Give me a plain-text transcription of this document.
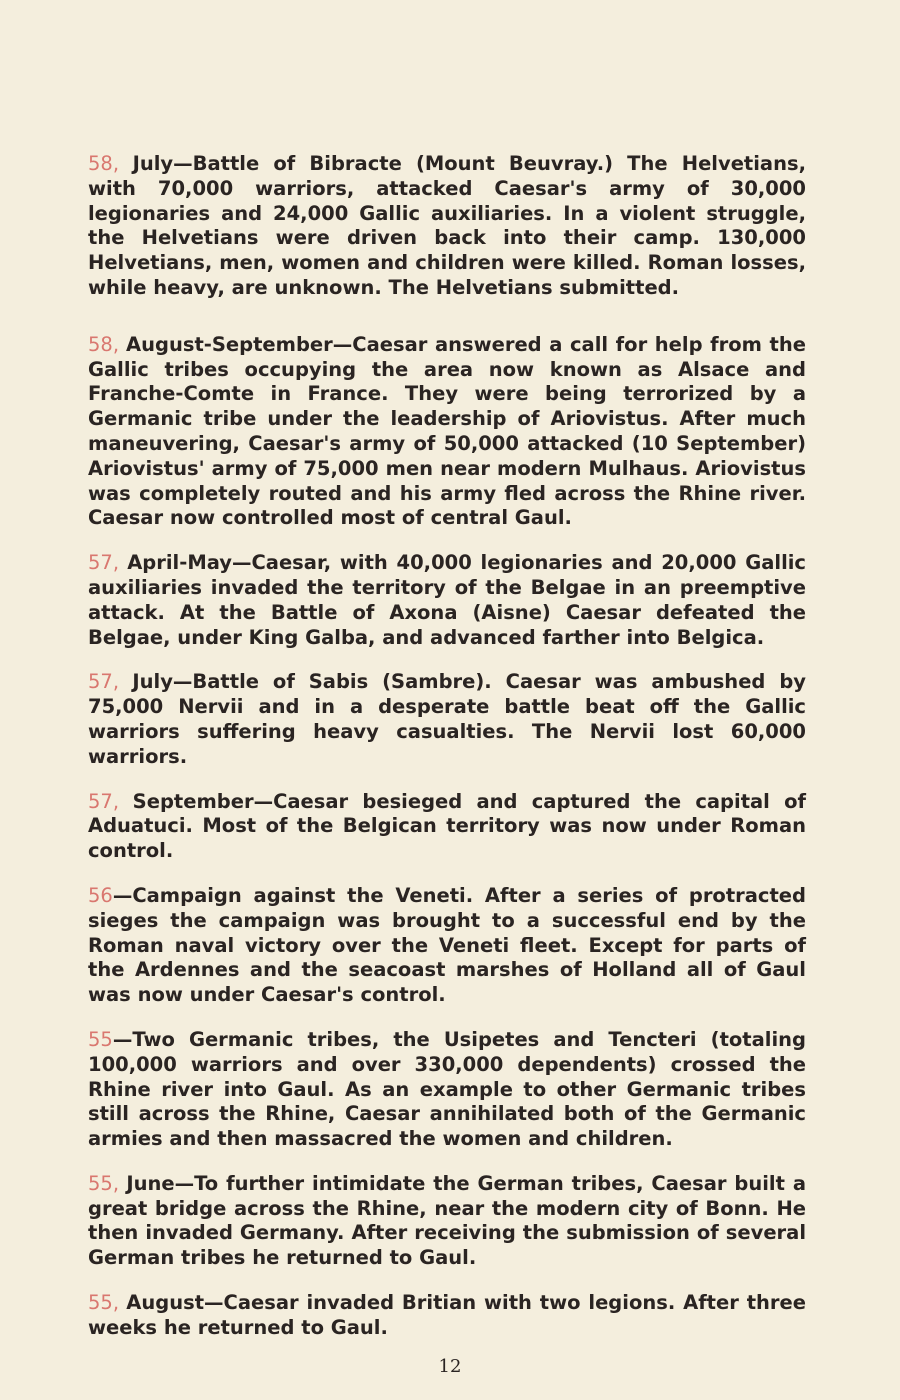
58, July—Battle of Bibracte (Mount Beuvray.) The Helvetians, with 70,000 warriors, attacked Caesar's army of 30,000 legionaries and 24,000 Gallic auxiliaries. In a violent struggle, the Helvetians were driven back into their camp. 130,000 Helvetians, men, women and children were killed. Roman losses, while heavy, are unknown. The Helvetians submitted.

58, August-September—Caesar answered a call for help from the Gallic tribes occupying the area now known as Alsace and Franche-Comte in France. They were being terrorized by a Germanic tribe under the leadership of Ariovistus. After much maneuvering, Caesar's army of 50,000 attacked (10 September) Ariovistus' army of 75,000 men near modern Mulhaus. Ariovistus was completely routed and his army fled across the Rhine river. Caesar now controlled most of central Gaul.

57, April-May—Caesar, with 40,000 legionaries and 20,000 Gallic auxiliaries invaded the territory of the Belgae in an preemptive attack. At the Battle of Axona (Aisne) Caesar defeated the Belgae, under King Galba, and advanced farther into Belgica.

57, July—Battle of Sabis (Sambre). Caesar was ambushed by 75,000 Nervii and in a desperate battle beat off the Gallic warriors suffering heavy casualties. The Nervii lost 60,000 warriors.

57, September—Caesar besieged and captured the capital of Aduatuci. Most of the Belgican territory was now under Roman control.

56—Campaign against the Veneti. After a series of protracted sieges the campaign was brought to a successful end by the Roman naval victory over the Veneti fleet. Except for parts of the Ardennes and the seacoast marshes of Holland all of Gaul was now under Caesar's control.

55—Two Germanic tribes, the Usipetes and Tencteri (totaling 100,000 warriors and over 330,000 dependents) crossed the Rhine river into Gaul. As an example to other Germanic tribes still across the Rhine, Caesar annihilated both of the Germanic armies and then massacred the women and children.

55, June—To further intimidate the German tribes, Caesar built a great bridge across the Rhine, near the modern city of Bonn. He then invaded Germany. After receiving the submission of several German tribes he returned to Gaul.

55, August—Caesar invaded Britian with two legions. After three weeks he returned to Gaul.

12
